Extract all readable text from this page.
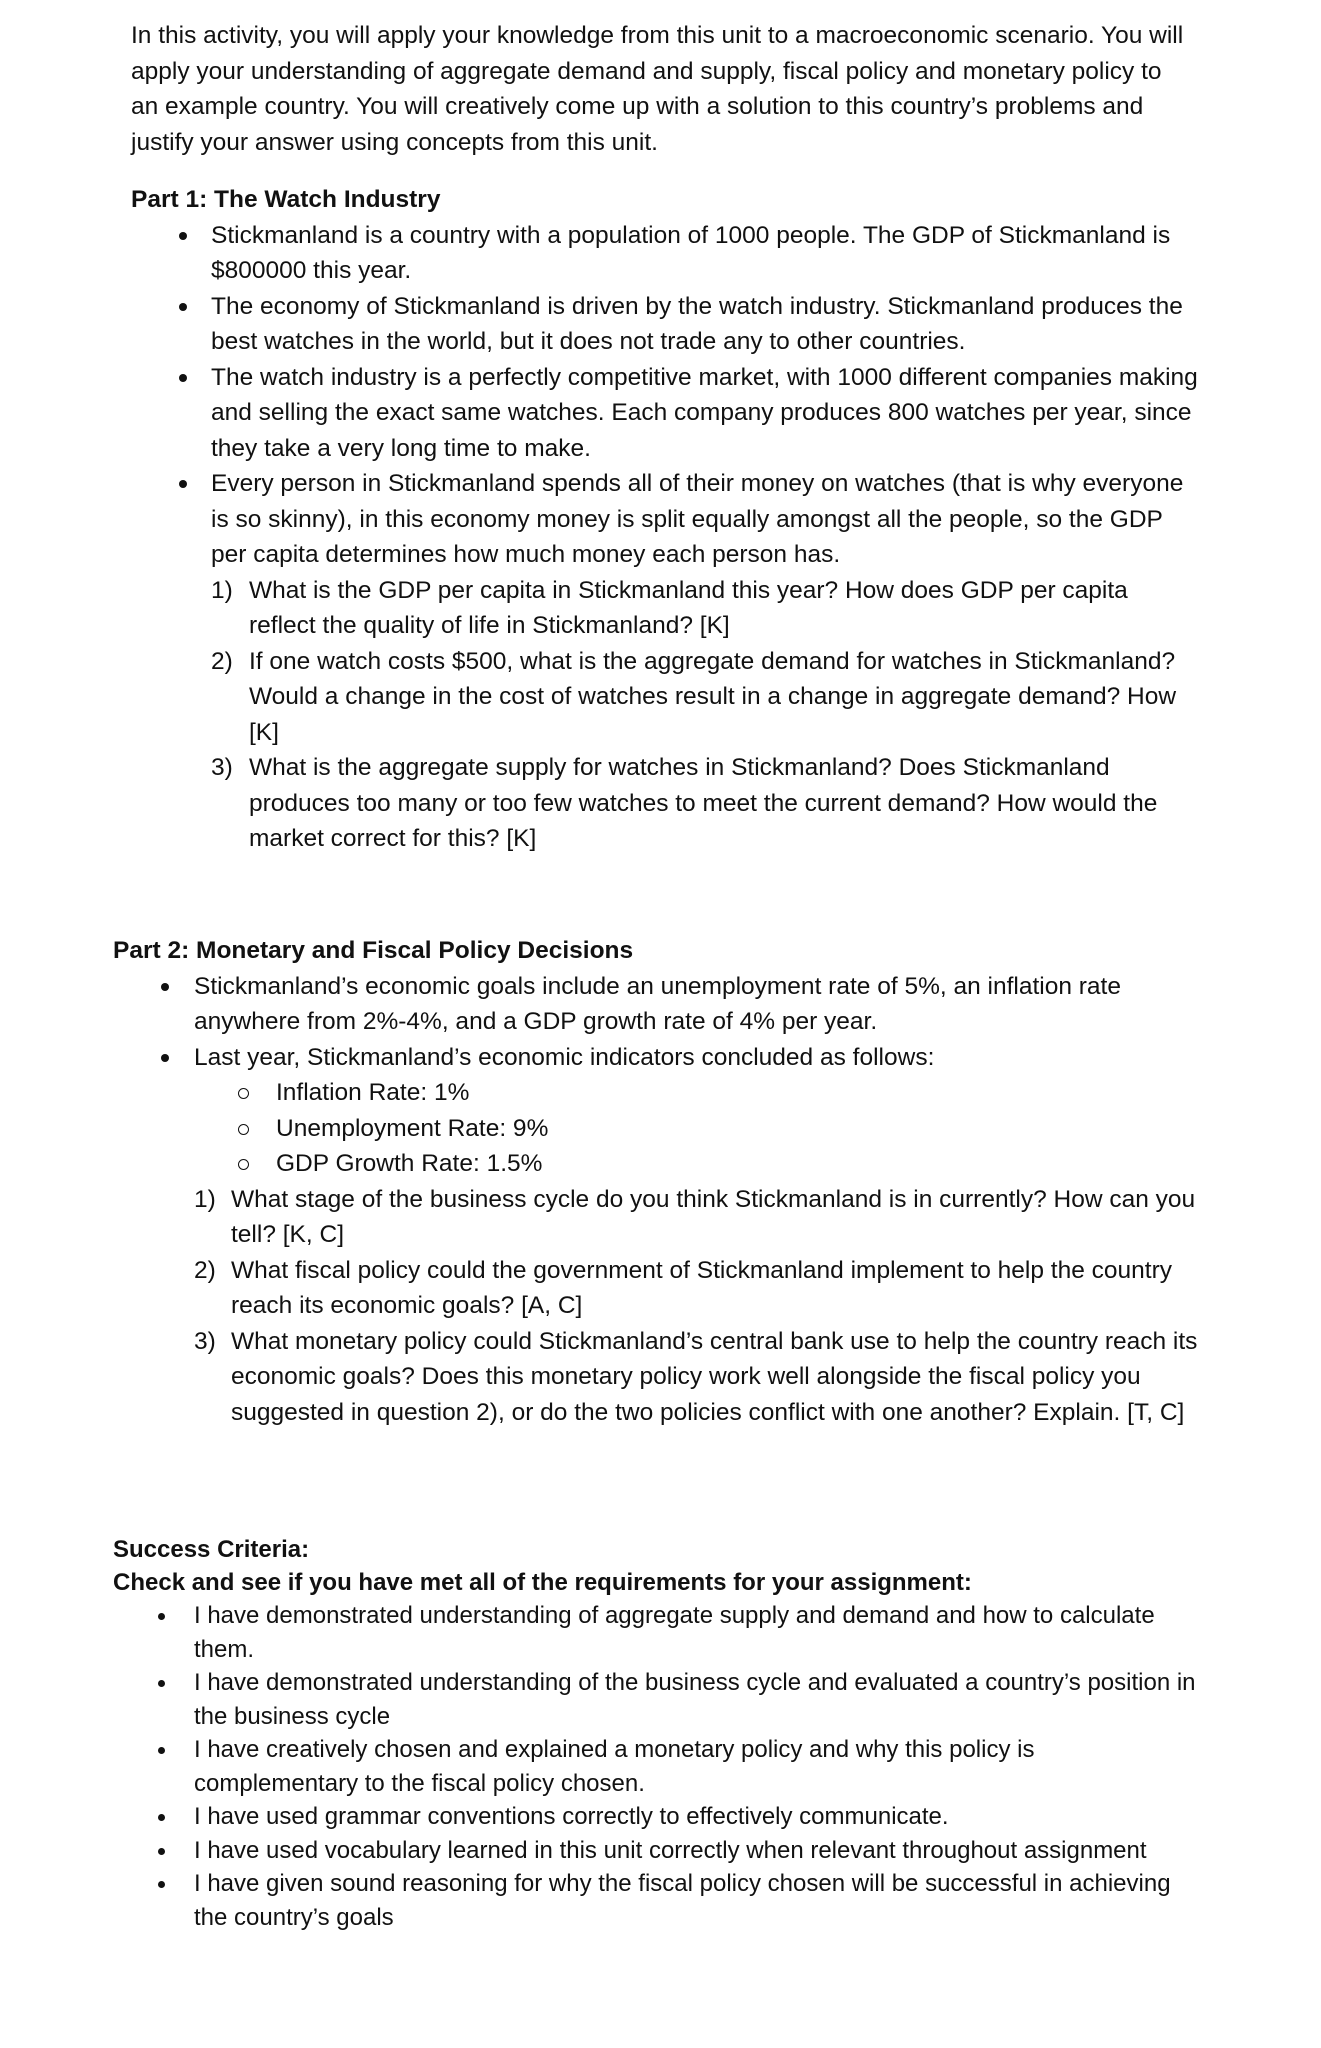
In this activity, you will apply your knowledge from this unit to a macroeconomic scenario. You will apply your understanding of aggregate demand and supply, fiscal policy and monetary policy to an example country. You will creatively come up with a solution to this country’s problems and justify your answer using concepts from this unit.

Part 1: The Watch Industry
Stickmanland is a country with a population of 1000 people. The GDP of Stickmanland is $800000 this year.
The economy of Stickmanland is driven by the watch industry. Stickmanland produces the best watches in the world, but it does not trade any to other countries.
The watch industry is a perfectly competitive market, with 1000 different companies making and selling the exact same watches. Each company produces 800 watches per year, since they take a very long time to make.
Every person in Stickmanland spends all of their money on watches (that is why everyone is so skinny), in this economy money is split equally amongst all the people, so the GDP per capita determines how much money each person has.
1) What is the GDP per capita in Stickmanland this year? How does GDP per capita reflect the quality of life in Stickmanland? [K]
2) If one watch costs $500, what is the aggregate demand for watches in Stickmanland? Would a change in the cost of watches result in a change in aggregate demand? How [K]
3) What is the aggregate supply for watches in Stickmanland? Does Stickmanland produces too many or too few watches to meet the current demand? How would the market correct for this? [K]
Part 2: Monetary and Fiscal Policy Decisions
Stickmanland’s economic goals include an unemployment rate of 5%, an inflation rate anywhere from 2%-4%, and a GDP growth rate of 4% per year.
Last year, Stickmanland’s economic indicators concluded as follows:
Inflation Rate: 1%
Unemployment Rate: 9%
GDP Growth Rate: 1.5%
1) What stage of the business cycle do you think Stickmanland is in currently? How can you tell? [K, C]
2) What fiscal policy could the government of Stickmanland implement to help the country reach its economic goals? [A, C]
3) What monetary policy could Stickmanland’s central bank use to help the country reach its economic goals? Does this monetary policy work well alongside the fiscal policy you suggested in question 2), or do the two policies conflict with one another? Explain. [T, C]
Success Criteria:
Check and see if you have met all of the requirements for your assignment:
I have demonstrated understanding of aggregate supply and demand and how to calculate them.
I have demonstrated understanding of the business cycle and evaluated a country’s position in the business cycle
I have creatively chosen and explained a monetary policy and why this policy is complementary to the fiscal policy chosen.
I have used grammar conventions correctly to effectively communicate.
I have used vocabulary learned in this unit correctly when relevant throughout assignment
I have given sound reasoning for why the fiscal policy chosen will be successful in achieving the country’s goals
